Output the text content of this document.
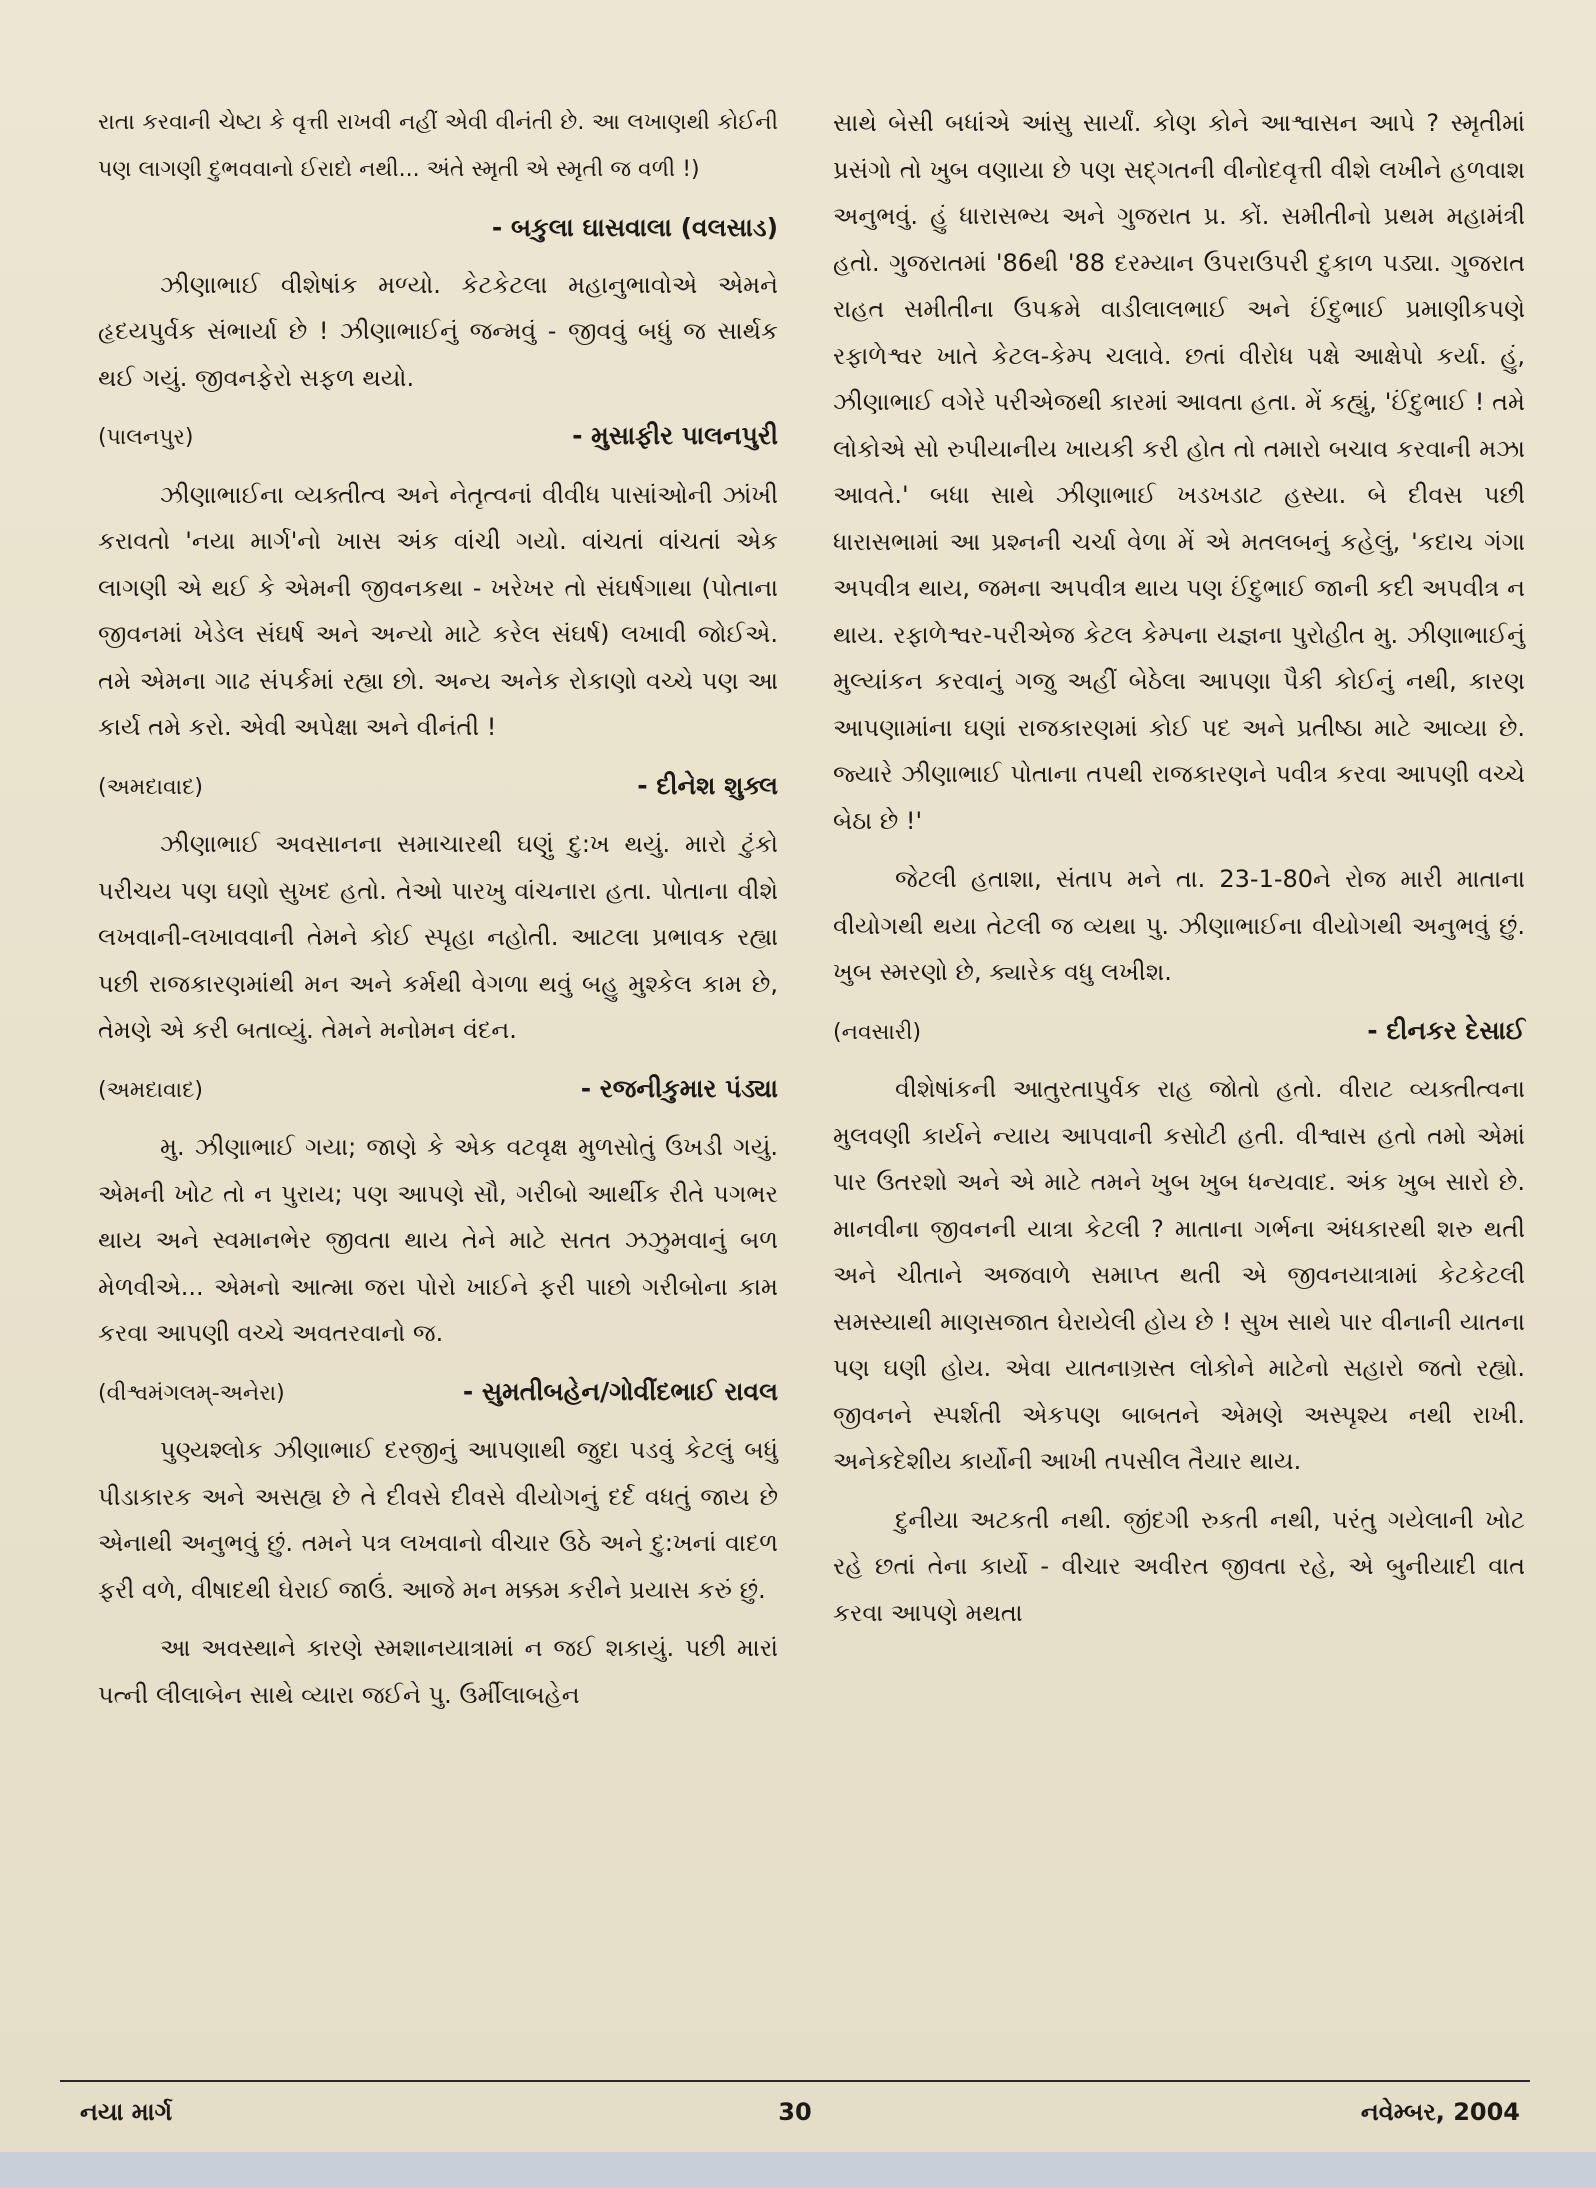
રાતા કરવાની ચેષ્ટા કે વૃત્તી રાખવી નહીં એવી વીનંતી છે. આ લખાણથી કોઈની પણ લાગણી દુભવવાનો ઈરાદો નથી... અંતે સ્મૃતી એ સ્મૃતી જ વળી !)

- બકુલા ઘાસવાલા (વલસાડ)

ઝીણાભાઈ વીશેષાંક મળ્યો. કેટકેટલા મહાનુભાવોએ એમને હૃદયપુર્વક સંભાર્યા છે ! ઝીણાભાઈનું જન્મવું - જીવવું બધું જ સાર્થક થઈ ગયું. જીવનફેરો સફળ થયો.

(પાલનપુર)	- મુસાફીર પાલનપુરી

ઝીણાભાઈના વ્યક્તીત્વ અને નેતૃત્વનાં વીવીધ પાસાંઓની ઝાંખી કરાવતો 'નયા માર્ગ'નો ખાસ અંક વાંચી ગયો. વાંચતાં વાંચતાં એક લાગણી એ થઈ કે એમની જીવનકથા - ખરેખર તો સંઘર્ષગાથા (પોતાના જીવનમાં ખેડેલ સંઘર્ષ અને અન્યો માટે કરેલ સંઘર્ષ) લખાવી જોઈએ. તમે એમના ગાઢ સંપર્કમાં રહ્યા છો. અન્ય અનેક રોકાણો વચ્ચે પણ આ કાર્ય તમે કરો. એવી અપેક્ષા અને વીનંતી !

(અમદાવાદ)	- દીનેશ શુક્લ

ઝીણાભાઈ અવસાનના સમાચારથી ઘણું દુ:ખ થયું. મારો ટુંકો પરીચય પણ ઘણો સુખદ હતો. તેઓ પારખુ વાંચનારા હતા. પોતાના વીશે લખવાની-લખાવવાની તેમને કોઈ સ્પૃહા નહોતી. આટલા પ્રભાવક રહ્યા પછી રાજકારણમાંથી મન અને કર્મથી વેગળા થવું બહુ મુશ્કેલ કામ છે, તેમણે એ કરી બતાવ્યું. તેમને મનોમન વંદન.

(અમદાવાદ)	- રજનીકુમાર પંડ્યા

મુ. ઝીણાભાઈ ગયા; જાણે કે એક વટવૃક્ષ મુળસોતું ઉખડી ગયું. એમની ખોટ તો ન પુરાય; પણ આપણે સૌ, ગરીબો આર્થીક રીતે પગભર થાય અને સ્વમાનભેર જીવતા થાય તેને માટે સતત ઝઝુમવાનું બળ મેળવીએ... એમનો આત્મા જરા પોરો ખાઈને ફરી પાછો ગરીબોના કામ કરવા આપણી વચ્ચે અવતરવાનો જ.

(વીશ્વમંગલમ્-અનેરા)	- સુમતીબહેન/ગોવીંદભાઈ રાવલ

પુણ્યશ્લોક ઝીણાભાઈ દરજીનું આપણાથી જુદા પડવું કેટલું બધું પીડાકારક અને અસહ્ય છે તે દીવસે દીવસે વીયોગનું દર્દ વધતું જાય છે એનાથી અનુભવું છું. તમને પત્ર લખવાનો વીચાર ઉઠે અને દુ:ખનાં વાદળ ફરી વળે, વીષાદથી ઘેરાઈ જાઉં. આજે મન મક્કમ કરીને પ્રયાસ કરું છું.

આ અવસ્થાને કારણે સ્મશાનયાત્રામાં ન જઈ શકાયું. પછી મારાં પત્ની લીલાબેન સાથે વ્યારા જઈને પુ. ઉર્મીલાબહેન

સાથે બેસી બધાંએ આંસુ સાર્યાં. કોણ કોને આશ્વાસન આપે ? સ્મૃતીમાં પ્રસંગો તો ખુબ વણાયા છે પણ સદ્‌ગતની વીનોદવૃત્તી વીશે લખીને હળવાશ અનુભવું. હું ધારાસભ્ય અને ગુજરાત પ્ર. કોં. સમીતીનો પ્રથમ મહામંત્રી હતો. ગુજરાતમાં '86થી '88 દરમ્યાન ઉપરાઉપરી દુકાળ પડ્યા. ગુજરાત રાહત સમીતીના ઉપક્રમે વાડીલાલભાઈ અને ઈંદુભાઈ પ્રમાણીકપણે રફાળેશ્વર ખાતે કેટલ-કેમ્પ ચલાવે. છતાં વીરોધ પક્ષે આક્ષેપો કર્યા. હું, ઝીણાભાઈ વગેરે પરીએજથી કારમાં આવતા હતા. મેં કહ્યું, 'ઈંદુભાઈ ! તમે લોકોએ સો રુપીયાનીય ખાયકી કરી હોત તો તમારો બચાવ કરવાની મઝા આવતે.' બધા સાથે ઝીણાભાઈ ખડખડાટ હસ્યા. બે દીવસ પછી ધારાસભામાં આ પ્રશ્નની ચર્ચા વેળા મેં એ મતલબનું કહેલું, 'કદાચ ગંગા અપવીત્ર થાય, જમના અપવીત્ર થાય પણ ઈંદુભાઈ જાની કદી અપવીત્ર ન થાય. રફાળેશ્વર-પરીએજ કેટલ કેમ્પના યજ્ઞના પુરોહીત મુ. ઝીણાભાઈનું મુલ્યાંકન કરવાનું ગજુ અહીં બેઠેલા આપણા પૈકી કોઈનું નથી, કારણ આપણામાંના ઘણાં રાજકારણમાં કોઈ પદ અને પ્રતીષ્ઠા માટે આવ્યા છે. જ્યારે ઝીણાભાઈ પોતાના તપથી રાજકારણને પવીત્ર કરવા આપણી વચ્ચે બેઠા છે !'

જેટલી હતાશા, સંતાપ મને તા. 23-1-80ને રોજ મારી માતાના વીયોગથી થયા તેટલી જ વ્યથા પુ. ઝીણાભાઈના વીયોગથી અનુભવું છું. ખુબ સ્મરણો છે, ક્યારેક વધુ લખીશ.

(નવસારી)	- દીનકર દેસાઈ

વીશેષાંકની આતુરતાપુર્વક રાહ જોતો હતો. વીરાટ વ્યક્તીત્વના મુલવણી કાર્યને ન્યાય આપવાની કસોટી હતી. વીશ્વાસ હતો તમો એમાં પાર ઉતરશો અને એ માટે તમને ખુબ ખુબ ધન્યવાદ. અંક ખુબ સારો છે. માનવીના જીવનની યાત્રા કેટલી ? માતાના ગર્ભના અંધકારથી શરુ થતી અને ચીતાને અજવાળે સમાપ્ત થતી એ જીવનયાત્રામાં કેટકેટલી સમસ્યાથી માણસજાત ઘેરાયેલી હોય છે ! સુખ સાથે પાર વીનાની યાતના પણ ઘણી હોય. એવા યાતનાગ્રસ્ત લોકોને માટેનો સહારો જતો રહ્યો. જીવનને સ્પર્શતી એકપણ બાબતને એમણે અસ્પૃશ્ય નથી રાખી. અનેકદેશીય કાર્યોની આખી તપસીલ તૈયાર થાય.

દુનીયા અટકતી નથી. જીંદગી રુકતી નથી, પરંતુ ગયેલાની ખોટ રહે છતાં તેના કાર્યો - વીચાર અવીરત જીવતા રહે, એ બુનીયાદી વાત કરવા આપણે મથતા

નયા માર્ગ	30	નવેમ્બર, 2004
